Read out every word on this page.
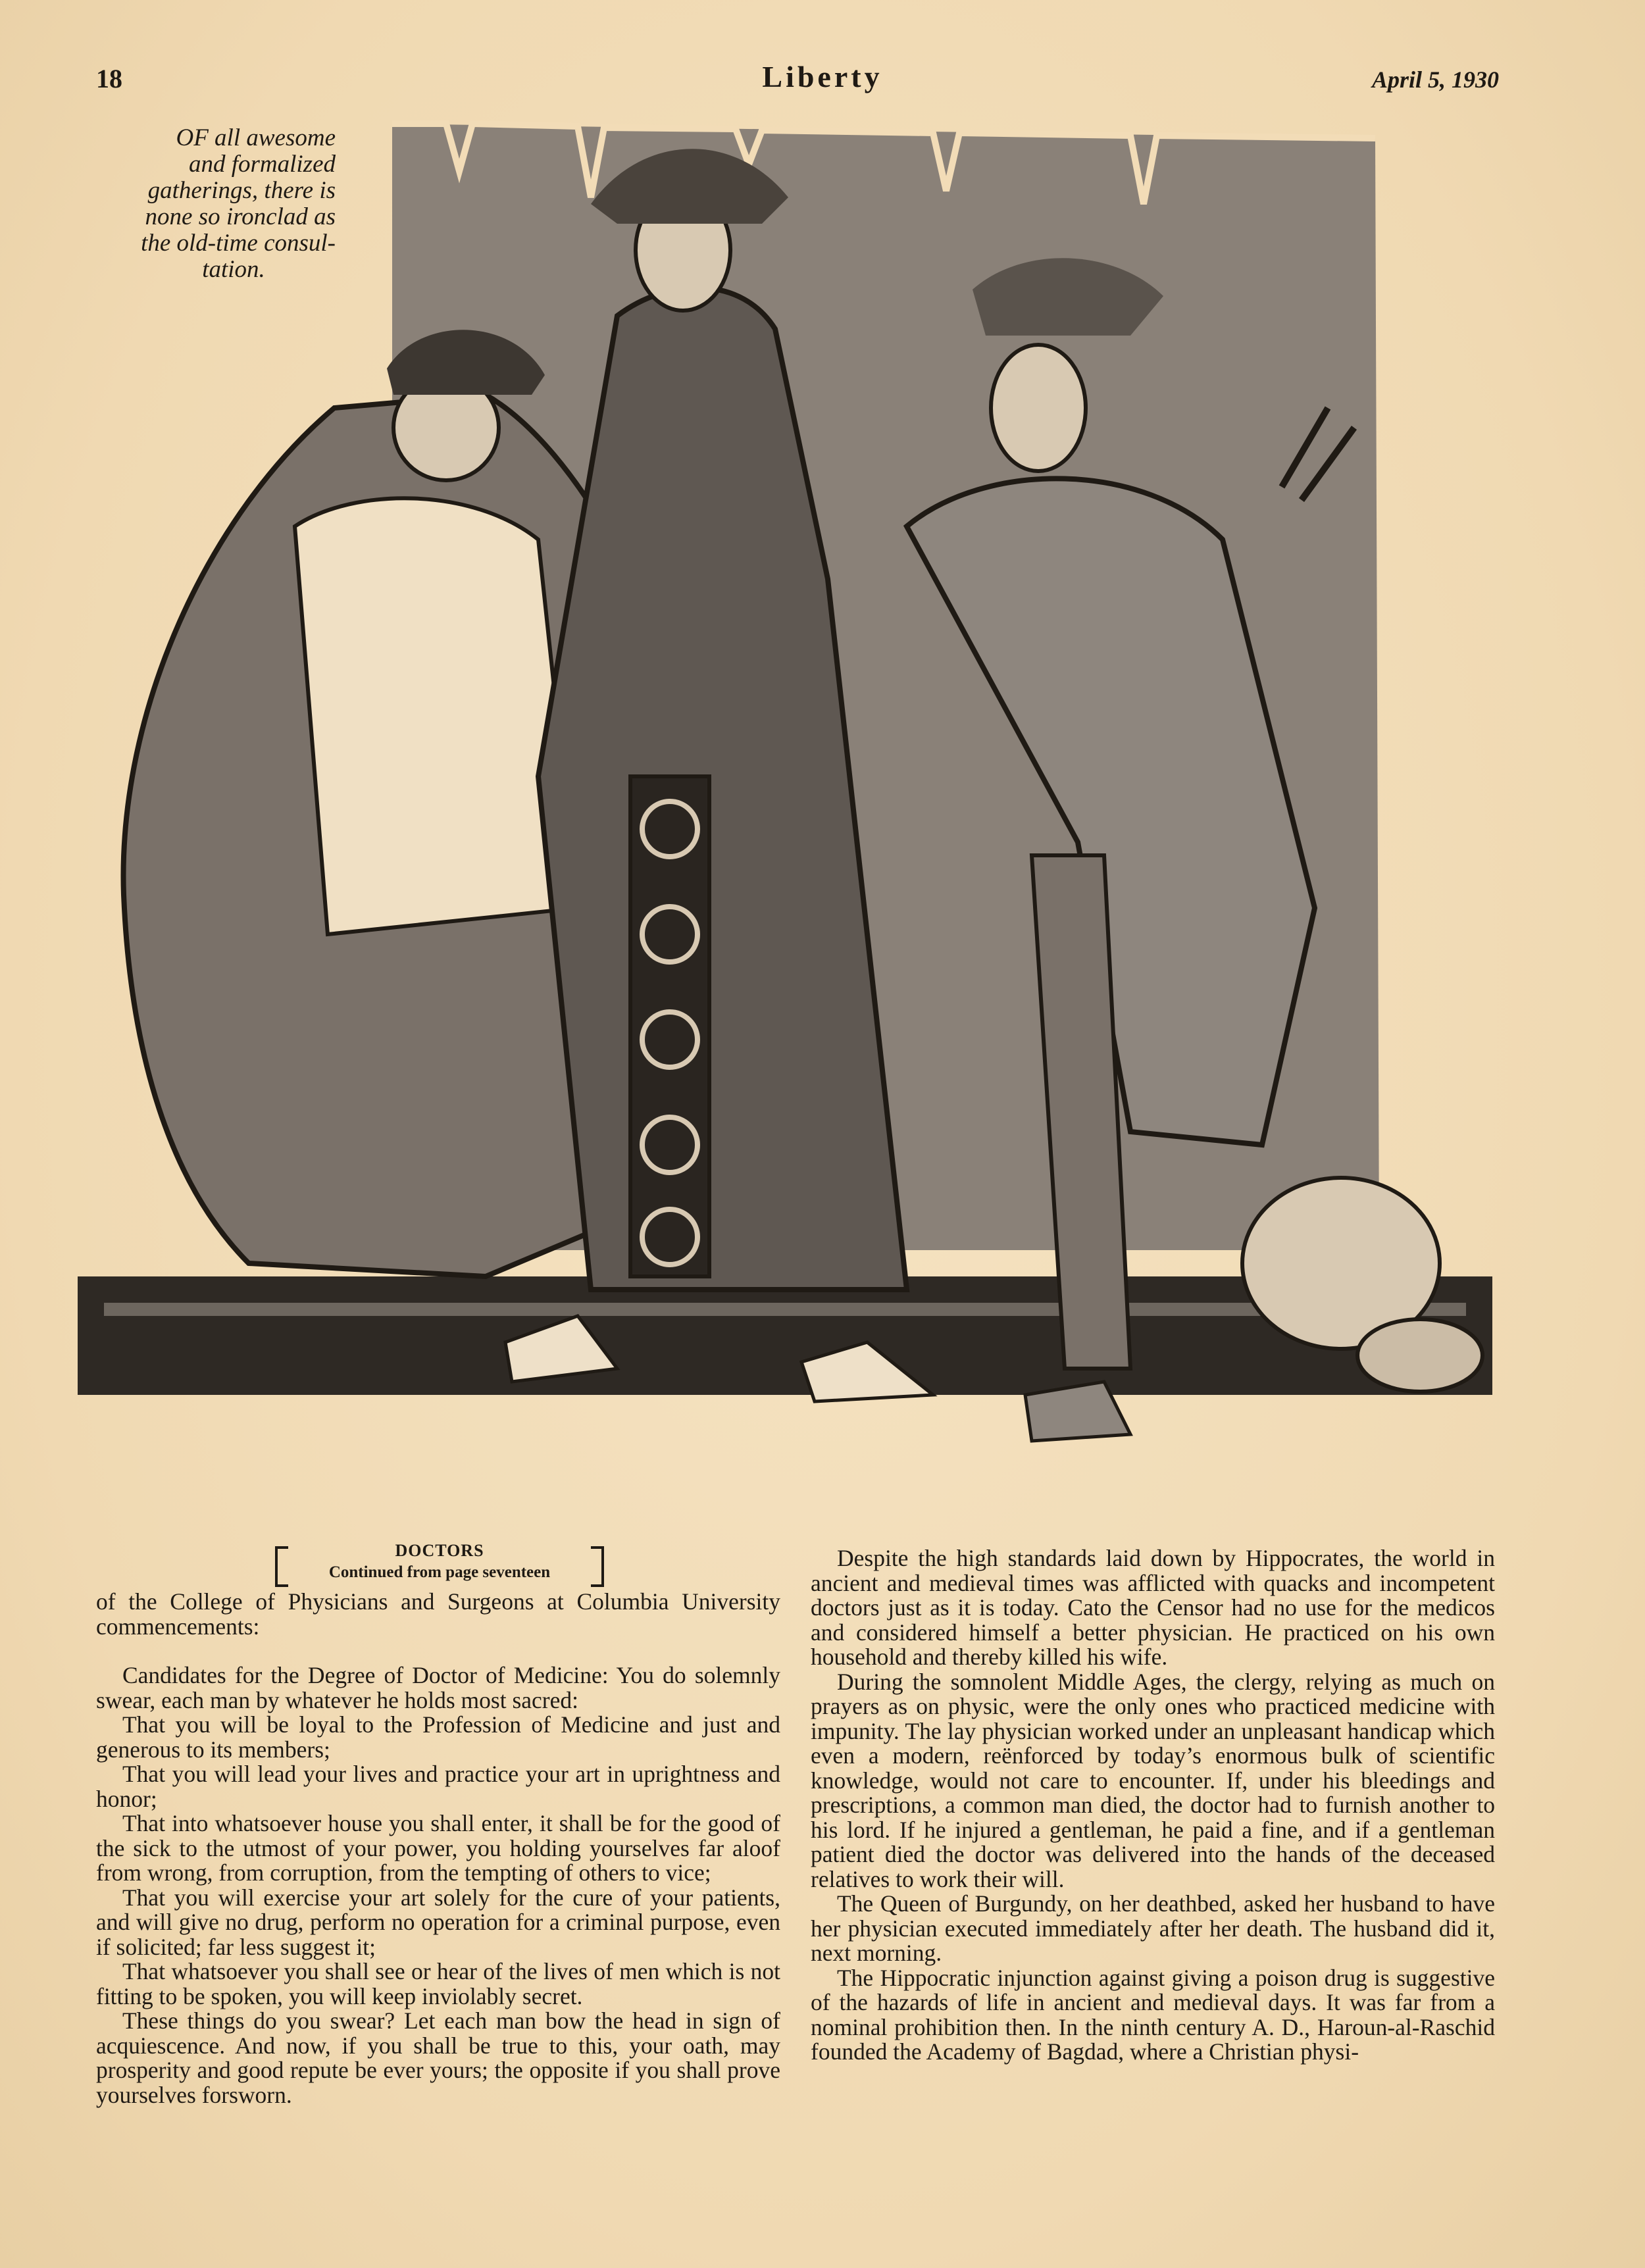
18	Liberty	April 5, 1930
OF all awesome
and formalized
gatherings, there is
none so ironclad as
the old-time consul-
tation.
DOCTORS
Continued from page seventeen

of the College of Physicians and Surgeons at Columbia University commencements:

Candidates for the Degree of Doctor of Medicine: You do solemnly swear, each man by whatever he holds most sacred:

That you will be loyal to the Profession of Medicine and just and generous to its members;

That you will lead your lives and practice your art in uprightness and honor;

That into whatsoever house you shall enter, it shall be for the good of the sick to the utmost of your power, you holding yourselves far aloof from wrong, from corruption, from the tempting of others to vice;

That you will exercise your art solely for the cure of your patients, and will give no drug, perform no operation for a criminal purpose, even if solicited; far less suggest it;

That whatsoever you shall see or hear of the lives of men which is not fitting to be spoken, you will keep inviolably secret.

These things do you swear? Let each man bow the head in sign of acquiescence. And now, if you shall be true to this, your oath, may prosperity and good repute be ever yours; the opposite if you shall prove yourselves forsworn.

Despite the high standards laid down by Hippocrates, the world in ancient and medieval times was afflicted with quacks and incompetent doctors just as it is today. Cato the Censor had no use for the medicos and considered himself a better physician. He practiced on his own household and thereby killed his wife.

During the somnolent Middle Ages, the clergy, relying as much on prayers as on physic, were the only ones who practiced medicine with impunity. The lay physician worked under an unpleasant handicap which even a modern, reënforced by today’s enormous bulk of scientific knowledge, would not care to encounter. If, under his bleedings and prescriptions, a common man died, the doctor had to furnish another to his lord. If he injured a gentleman, he paid a fine, and if a gentleman patient died the doctor was delivered into the hands of the deceased relatives to work their will.

The Queen of Burgundy, on her deathbed, asked her husband to have her physician executed immediately after her death. The husband did it, next morning.

The Hippocratic injunction against giving a poison drug is suggestive of the hazards of life in ancient and medieval days. It was far from a nominal prohibition then. In the ninth century A. D., Haroun-al-Raschid founded the Academy of Bagdad, where a Christian physi-
